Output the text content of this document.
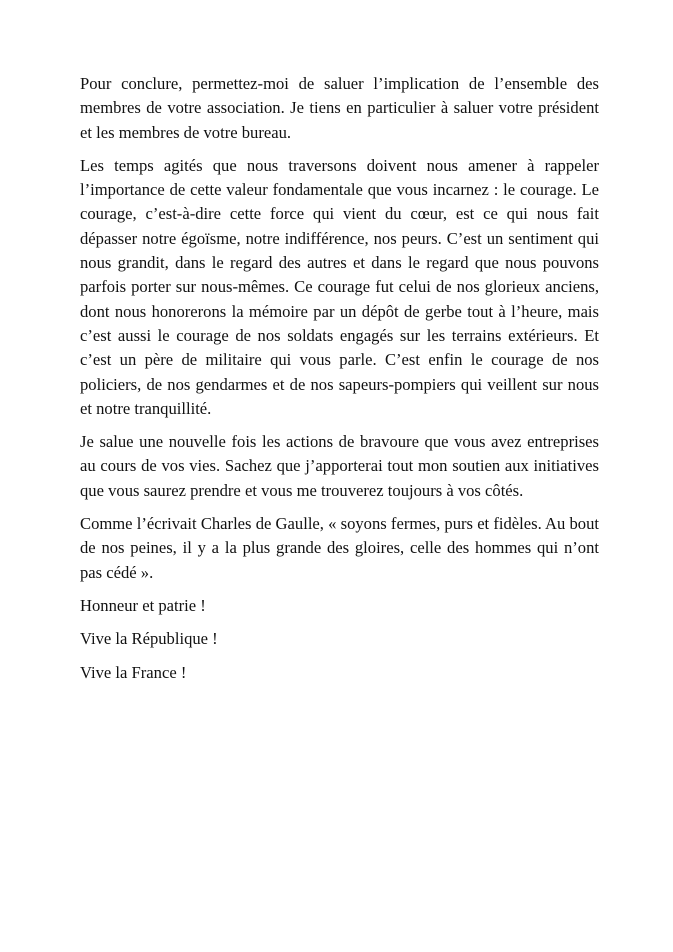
Pour conclure, permettez-moi de saluer l’implication de l’ensemble des membres de votre association. Je tiens en particulier à saluer votre président et les membres de votre bureau.

Les temps agités que nous traversons doivent nous amener à rappeler l’importance de cette valeur fondamentale que vous incarnez : le courage. Le courage, c’est-à-dire cette force qui vient du cœur, est ce qui nous fait dépasser notre égoïsme, notre indifférence, nos peurs. C’est un sentiment qui nous grandit, dans le regard des autres et dans le regard que nous pouvons parfois porter sur nous-mêmes. Ce courage fut celui de nos glorieux anciens, dont nous honorerons la mémoire par un dépôt de gerbe tout à l’heure, mais c’est aussi le courage de nos soldats engagés sur les terrains extérieurs. Et c’est un père de militaire qui vous parle. C’est enfin le courage de nos policiers, de nos gendarmes et de nos sapeurs-pompiers qui veillent sur nous et notre tranquillité.

Je salue une nouvelle fois les actions de bravoure que vous avez entreprises au cours de vos vies. Sachez que j’apporterai tout mon soutien aux initiatives que vous saurez prendre et vous me trouverez toujours à vos côtés.

Comme l’écrivait Charles de Gaulle, « soyons fermes, purs et fidèles. Au bout de nos peines, il y a la plus grande des gloires, celle des hommes qui n’ont pas cédé ».

Honneur et patrie !

Vive la République !

Vive la France !
